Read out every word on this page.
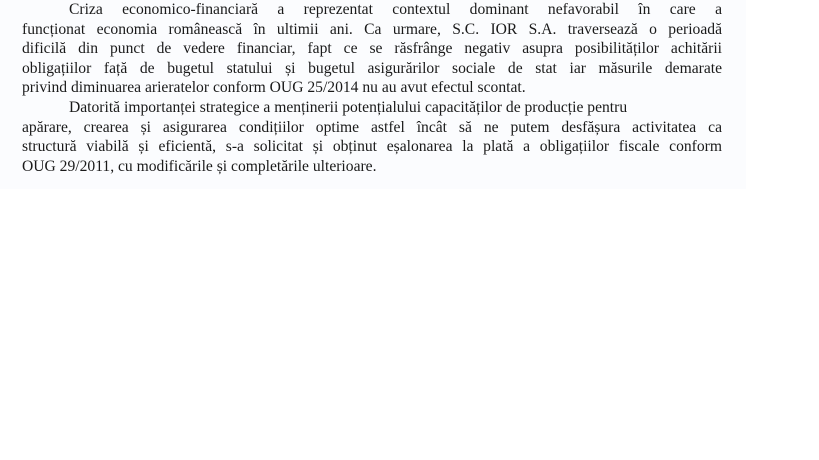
Criza economico-financiară a reprezentat contextul dominant nefavorabil în care a
funcționat economia românească în ultimii ani. Ca urmare, S.C. IOR S.A. traversează o perioadă
dificilă din punct de vedere financiar, fapt ce se răsfrânge negativ asupra posibilităților achitării
obligațiilor față de bugetul statului și bugetul asigurărilor sociale de stat iar măsurile demarate
privind diminuarea arieratelor conform OUG 25/2014 nu au avut efectul scontat.
Datorită importanței strategice a menținerii potențialului capacităților de producție pentru
apărare, crearea și asigurarea condițiilor optime astfel încât să ne putem desfășura activitatea ca
structură viabilă și eficientă, s-a solicitat și obținut eșalonarea la plată a obligațiilor fiscale conform
OUG 29/2011, cu modificările și completările ulterioare.
